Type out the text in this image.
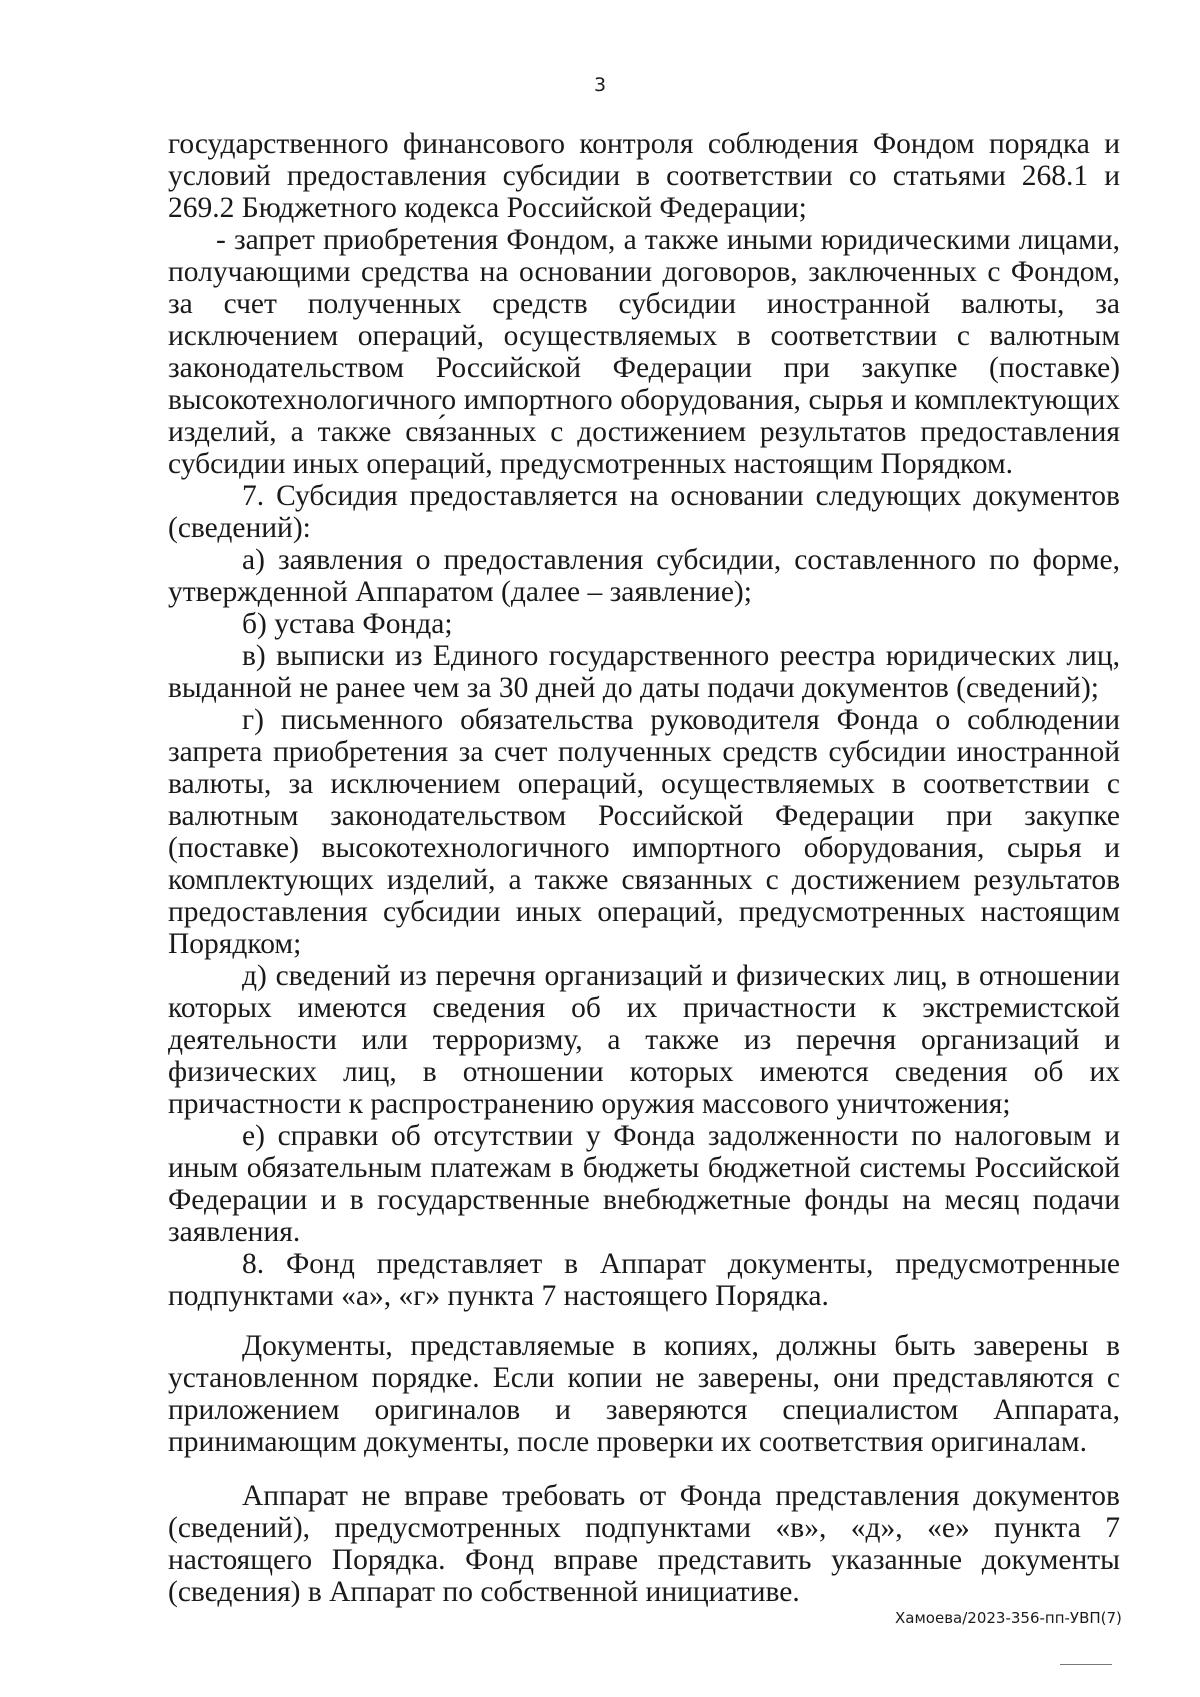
3

государственного финансового контроля соблюдения Фондом порядка и условий предоставления субсидии в соответствии со статьями 268.1 и 269.2 Бюджетного кодекса Российской Федерации;

- запрет приобретения Фондом, а также иными юридическими лицами, получающими средства на основании договоров, заключенных с Фондом, за счет полученных средств субсидии иностранной валюты, за исключением операций, осуществляемых в соответствии с валютным законодательством Российской Федерации при закупке (поставке) высокотехнологичного импортного оборудования, сырья и комплектующих изделий, а также свя́занных с достижением результатов предоставления субсидии иных операций, предусмотренных настоящим Порядком.

7. Субсидия предоставляется на основании следующих документов (сведений):

а) заявления о предоставления субсидии, составленного по форме, утвержденной Аппаратом (далее – заявление);

б) устава Фонда;

в) выписки из Единого государственного реестра юридических лиц, выданной не ранее чем за 30 дней до даты подачи документов (сведений);

г) письменного обязательства руководителя Фонда о соблюдении запрета приобретения за счет полученных средств субсидии иностранной валюты, за исключением операций, осуществляемых в соответствии с валютным законодательством Российской Федерации при закупке (поставке) высокотехнологичного импортного оборудования, сырья и комплектующих изделий, а также связанных с достижением результатов предоставления субсидии иных операций, предусмотренных настоящим Порядком;

д) сведений из перечня организаций и физических лиц, в отношении которых имеются сведения об их причастности к экстремистской деятельности или терроризму, а также из перечня организаций и физических лиц, в отношении которых имеются сведения об их причастности к распространению оружия массового уничтожения;

е) справки об отсутствии у Фонда задолженности по налоговым и иным обязательным платежам в бюджеты бюджетной системы Российской Федерации и в государственные внебюджетные фонды на месяц подачи заявления.

8. Фонд представляет в Аппарат документы, предусмотренные подпунктами «а», «г» пункта 7 настоящего Порядка.

Документы, представляемые в копиях, должны быть заверены в установленном порядке. Если копии не заверены, они представляются с приложением оригиналов и заверяются специалистом Аппарата, принимающим документы, после проверки их соответствия оригиналам.

Аппарат не вправе требовать от Фонда представления документов (сведений), предусмотренных подпунктами «в», «д», «е» пункта 7 настоящего Порядка. Фонд вправе представить указанные документы (сведения) в Аппарат по собственной инициативе.

Хамоева/2023-356-пп-УВП(7)
